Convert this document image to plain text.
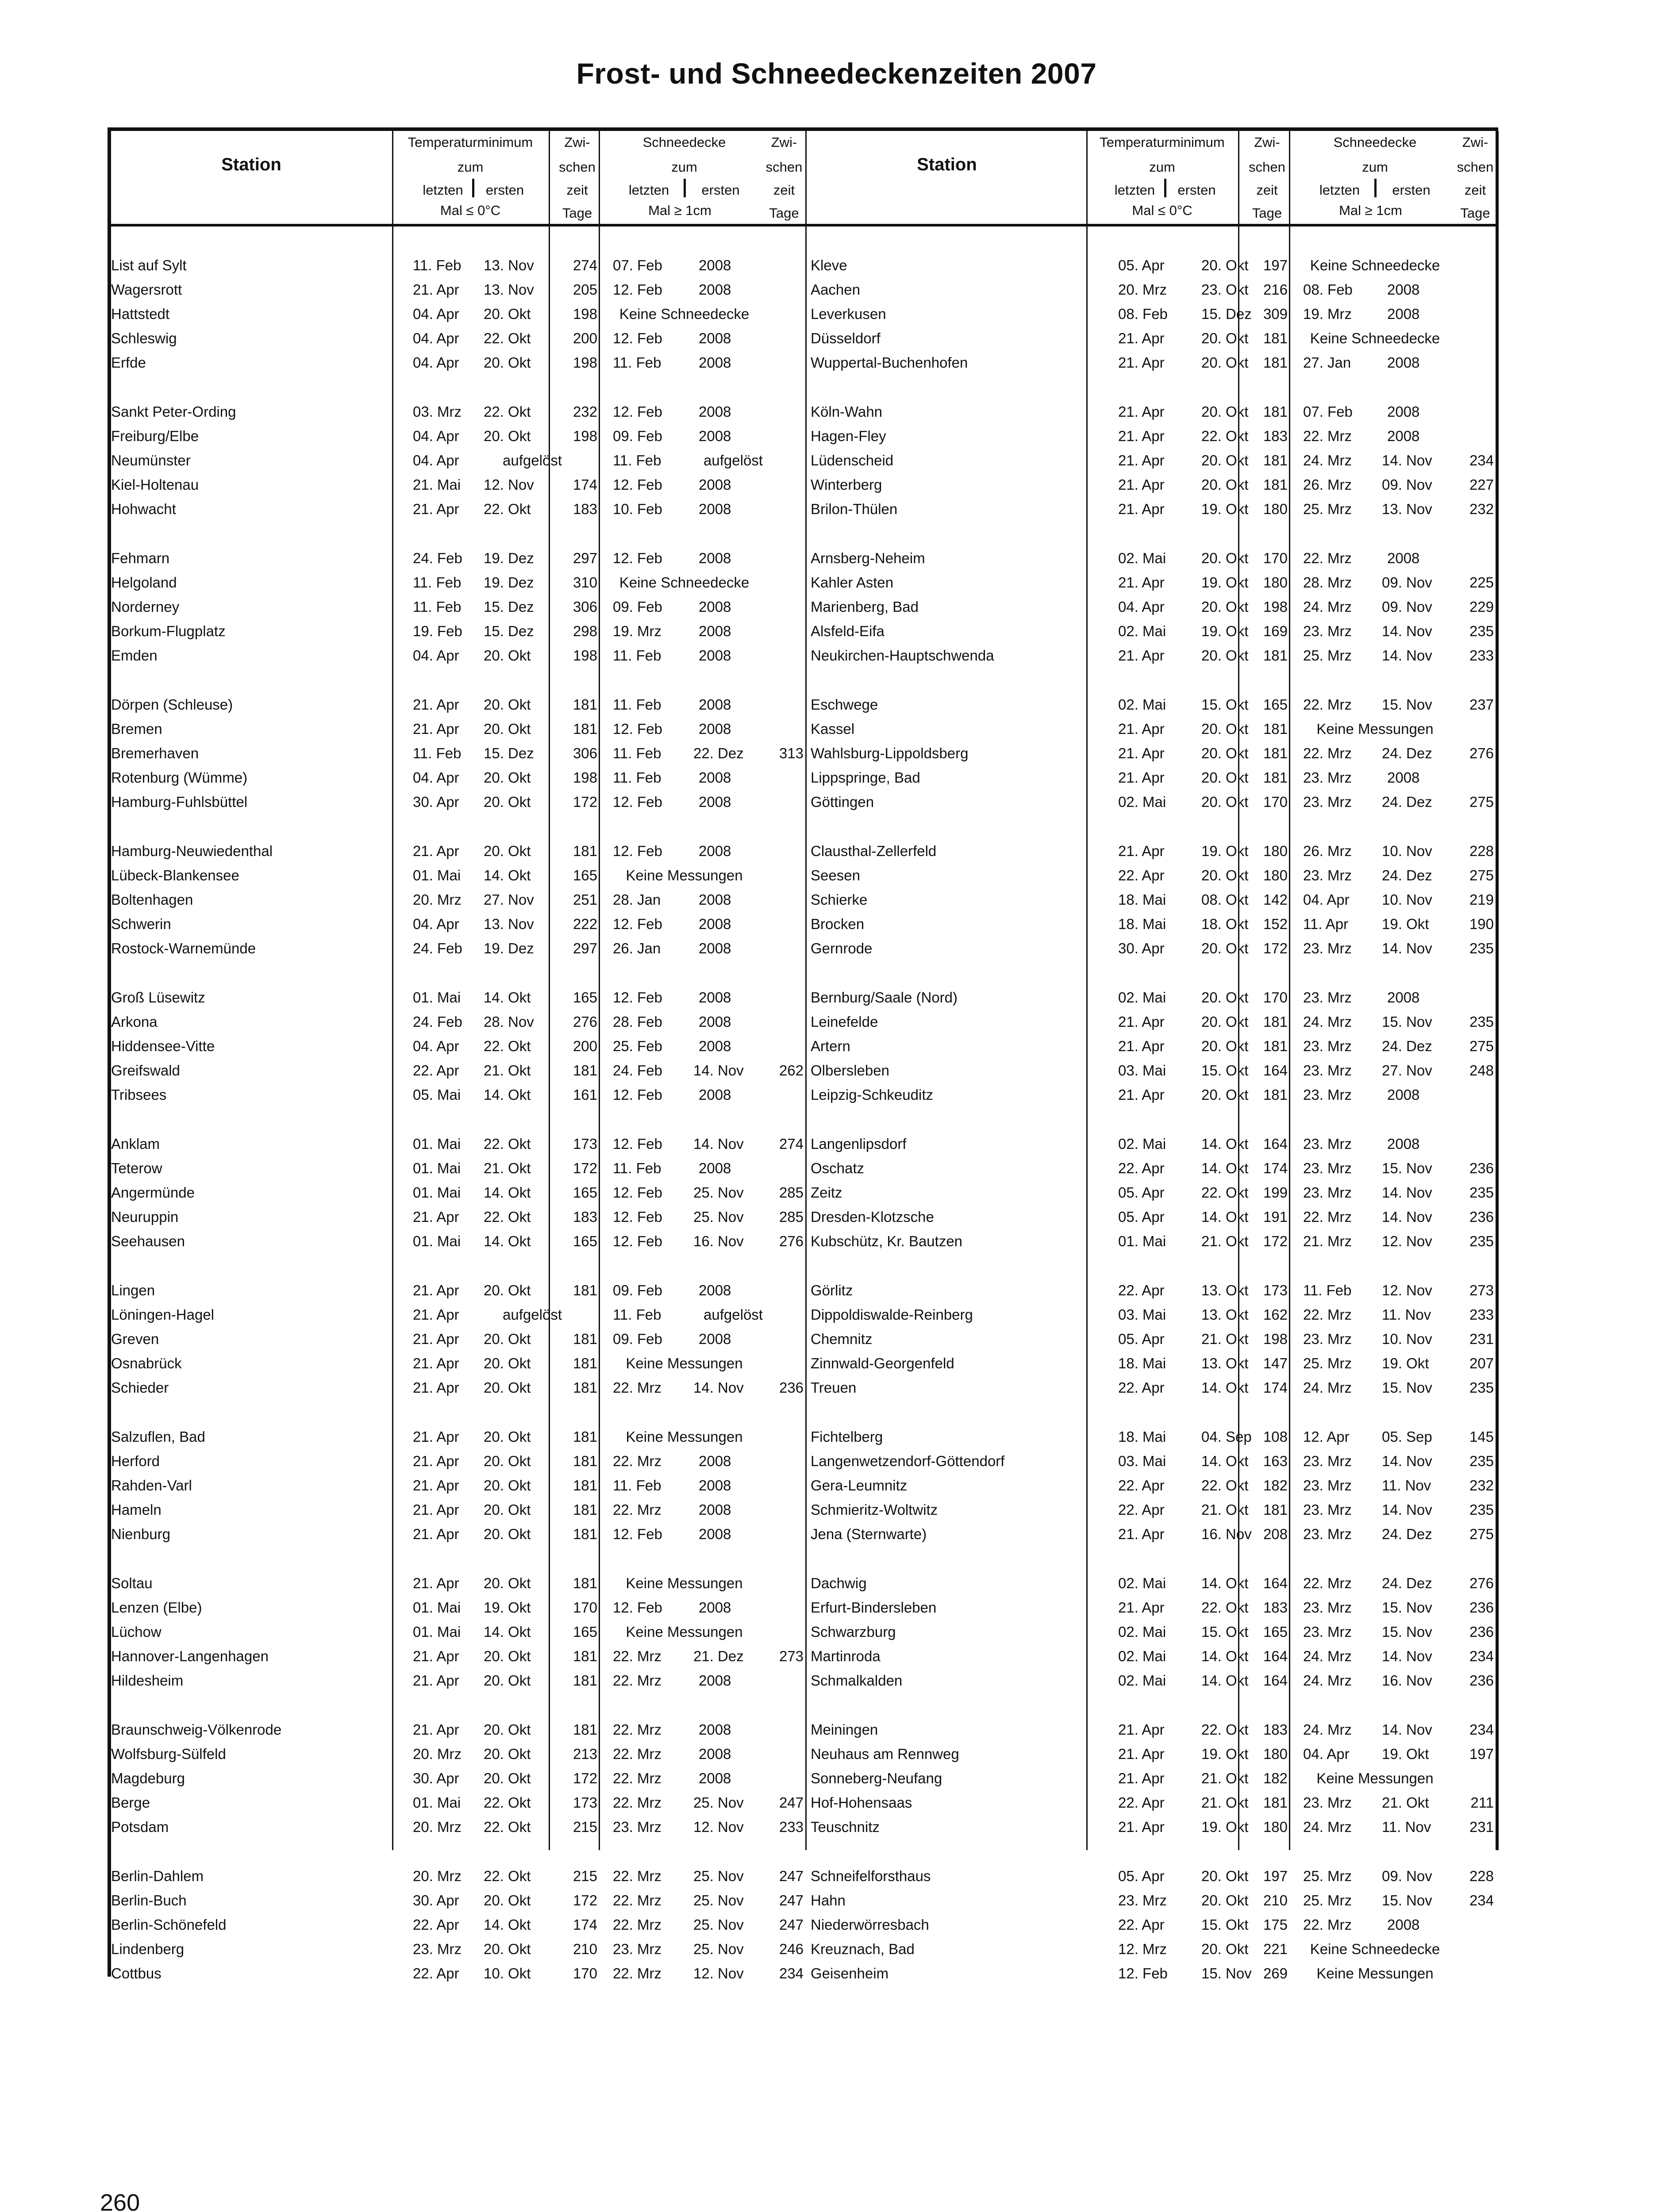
Frost- und Schneedeckenzeiten 2007
Station
Temperaturminimum
zum
letzten	ersten
Mal ≤ 0°C
Zwi-
schen
zeit
Tage
Schneedecke
zum
letzten	ersten
Mal ≥ 1cm
Zwi-
schen
zeit
Tage
Station
Temperaturminimum
zum
letzten	ersten
Mal ≤ 0°C
Zwi-
schen
zeit
Tage
Schneedecke
zum
letzten	ersten
Mal ≥ 1cm
Zwi-
schen
zeit
Tage
List auf Sylt	11. Feb 13. Nov	274 07. Feb 2008
Wagersrott	21. Apr 13. Nov	205 12. Feb 2008
Hattstedt	04. Apr 20. Okt	198	Keine Schneedecke
Schleswig	04. Apr 22. Okt	200 12. Feb 2008
Erfde	04. Apr 20. Okt	198 11. Feb	2008
Sankt Peter-Ording	03. Mrz 22. Okt	232 12. Feb 2008
Freiburg/Elbe	04. Apr 20. Okt	198 09. Feb 2008
Neumünster	04. Apr	aufgelöst	11. Feb	aufgelöst
Kiel-Holtenau	21. Mai 12. Nov	174 12. Feb 2008
Hohwacht	21. Apr 22. Okt	183 10. Feb 2008
Fehmarn	24. Feb 19. Dez	297 12. Feb 2008
Helgoland	11. Feb 19. Dez	310	Keine Schneedecke
Norderney	11. Feb 15. Dez	306 09. Feb 2008
Borkum-Flugplatz	19. Feb 15. Dez	298 19. Mrz	2008
Emden	04. Apr 20. Okt	198 11. Feb	2008
Dörpen (Schleuse)	21. Apr 20. Okt	181 11. Feb	2008
Bremen	21. Apr 20. Okt	181 12. Feb 2008
Bremerhaven	11. Feb 15. Dez	306 11. Feb 22. Dez	313
Rotenburg (Wümme)	04. Apr 20. Okt	198 11. Feb	2008
Hamburg-Fuhlsbüttel	30. Apr 20. Okt	172 12. Feb 2008
Hamburg-Neuwiedenthal	21. Apr 20. Okt	181 12. Feb 2008
Lübeck-Blankensee	01. Mai 14. Okt	165	Keine Messungen
Boltenhagen	20. Mrz 27. Nov	251 28. Jan	2008
Schwerin	04. Apr 13. Nov	222 12. Feb 2008
Rostock-Warnemünde	24. Feb 19. Dez	297 26. Jan	2008
Groß Lüsewitz	01. Mai 14. Okt	165 12. Feb 2008
Arkona	24. Feb 28. Nov	276 28. Feb 2008
Hiddensee-Vitte	04. Apr 22. Okt	200 25. Feb 2008
Greifswald	22. Apr 21. Okt	181 24. Feb 14. Nov	262
Tribsees	05. Mai 14. Okt	161 12. Feb 2008
Anklam	01. Mai 22. Okt	173 12. Feb 14. Nov	274
Teterow	01. Mai 21. Okt	172 11. Feb	2008
Angermünde	01. Mai 14. Okt	165 12. Feb 25. Nov	285
Neuruppin	21. Apr 22. Okt	183 12. Feb 25. Nov	285
Seehausen	01. Mai 14. Okt	165 12. Feb 16. Nov	276
Lingen	21. Apr 20. Okt	181 09. Feb 2008
Löningen-Hagel	21. Apr	aufgelöst	11. Feb	aufgelöst
Greven	21. Apr 20. Okt	181 09. Feb 2008
Osnabrück	21. Apr 20. Okt	181	Keine Messungen
Schieder	21. Apr 20. Okt	181 22. Mrz 14. Nov	236
Salzuflen, Bad	21. Apr 20. Okt	181	Keine Messungen
Herford	21. Apr 20. Okt	181 22. Mrz	2008
Rahden-Varl	21. Apr 20. Okt	181 11. Feb	2008
Hameln	21. Apr 20. Okt	181 22. Mrz	2008
Nienburg	21. Apr 20. Okt	181 12. Feb 2008
Soltau	21. Apr 20. Okt	181	Keine Messungen
Lenzen (Elbe)	01. Mai 19. Okt	170 12. Feb 2008
Lüchow	01. Mai 14. Okt	165	Keine Messungen
Hannover-Langenhagen	21. Apr 20. Okt	181 22. Mrz 21. Dez	273
Hildesheim	21. Apr 20. Okt	181 22. Mrz	2008
Braunschweig-Völkenrode	21. Apr 20. Okt	181 22. Mrz	2008
Wolfsburg-Sülfeld	20. Mrz 20. Okt	213 22. Mrz	2008
Magdeburg	30. Apr 20. Okt	172 22. Mrz	2008
Berge	01. Mai 22. Okt	173 22. Mrz 25. Nov	247
Potsdam	20. Mrz 22. Okt	215 23. Mrz 12. Nov	233
Berlin-Dahlem	20. Mrz 22. Okt	215 22. Mrz 25. Nov	247
Berlin-Buch	30. Apr 20. Okt	172 22. Mrz 25. Nov	247
Berlin-Schönefeld	22. Apr 14. Okt	174 22. Mrz 25. Nov	247
Lindenberg	23. Mrz 20. Okt	210 23. Mrz 25. Nov	246
Cottbus	22. Apr 10. Okt	170 22. Mrz 12. Nov	234
Kleve	05. Apr	20. Okt	197	Keine Schneedecke
Aachen	20. Mrz 23. Okt	216 08. Feb 2008
Leverkusen	08. Feb 15. Dez 309 19. Mrz 2008
Düsseldorf	21. Apr	20. Okt	181	Keine Schneedecke
Wuppertal-Buchenhofen	21. Apr	20. Okt	181 27. Jan 2008
Köln-Wahn	21. Apr	20. Okt	181 07. Feb 2008
Hagen-Fley	21. Apr	22. Okt	183 22. Mrz 2008
Lüdenscheid	21. Apr	20. Okt	181 24. Mrz 14. Nov	234
Winterberg	21. Apr	20. Okt	181 26. Mrz 09. Nov	227
Brilon-Thülen	21. Apr	19. Okt	180 25. Mrz 13. Nov	232
Arnsberg-Neheim	02. Mai 20. Okt	170 22. Mrz 2008
Kahler Asten	21. Apr	19. Okt	180 28. Mrz 09. Nov	225
Marienberg, Bad	04. Apr	20. Okt	198 24. Mrz 09. Nov	229
Alsfeld-Eifa	02. Mai 19. Okt	169 23. Mrz 14. Nov	235
Neukirchen-Hauptschwenda	21. Apr	20. Okt	181 25. Mrz 14. Nov	233
Eschwege	02. Mai 15. Okt	165 22. Mrz 15. Nov	237
Kassel	21. Apr	20. Okt	181	Keine Messungen
Wahlsburg-Lippoldsberg	21. Apr	20. Okt	181 22. Mrz 24. Dez	276
Lippspringe, Bad	21. Apr	20. Okt	181 23. Mrz 2008
Göttingen	02. Mai 20. Okt	170 23. Mrz 24. Dez	275
Clausthal-Zellerfeld	21. Apr	19. Okt	180 26. Mrz 10. Nov	228
Seesen	22. Apr	20. Okt	180 23. Mrz 24. Dez	275
Schierke	18. Mai 08. Okt	142 04. Apr 10. Nov	219
Brocken	18. Mai 18. Okt	152 11. Apr 19. Okt	190
Gernrode	30. Apr	20. Okt	172 23. Mrz 14. Nov	235
Bernburg/Saale (Nord)	02. Mai 20. Okt	170 23. Mrz 2008
Leinefelde	21. Apr	20. Okt	181 24. Mrz 15. Nov	235
Artern	21. Apr	20. Okt	181 23. Mrz 24. Dez	275
Olbersleben	03. Mai 15. Okt	164 23. Mrz 27. Nov	248
Leipzig-Schkeuditz	21. Apr	20. Okt	181 23. Mrz 2008
Langenlipsdorf	02. Mai 14. Okt	164 23. Mrz 2008
Oschatz	22. Apr	14. Okt	174 23. Mrz 15. Nov	236
Zeitz	05. Apr	22. Okt	199 23. Mrz 14. Nov	235
Dresden-Klotzsche	05. Apr	14. Okt	191 22. Mrz 14. Nov	236
Kubschütz, Kr. Bautzen	01. Mai 21. Okt	172 21. Mrz 12. Nov	235
Görlitz	22. Apr	13. Okt	173 11. Feb 12. Nov	273
Dippoldiswalde-Reinberg	03. Mai 13. Okt	162 22. Mrz 11. Nov	233
Chemnitz	05. Apr	21. Okt	198 23. Mrz 10. Nov	231
Zinnwald-Georgenfeld	18. Mai 13. Okt	147 25. Mrz 19. Okt	207
Treuen	22. Apr	14. Okt	174 24. Mrz 15. Nov	235
Fichtelberg	18. Mai 04. Sep 108 12. Apr 05. Sep	145
Langenwetzendorf-Göttendorf	03. Mai 14. Okt	163 23. Mrz 14. Nov	235
Gera-Leumnitz	22. Apr	22. Okt	182 23. Mrz 11. Nov	232
Schmieritz-Woltwitz	22. Apr	21. Okt	181 23. Mrz 14. Nov	235
Jena (Sternwarte)	21. Apr	16. Nov 208 23. Mrz 24. Dez	275
Dachwig	02. Mai 14. Okt	164 22. Mrz 24. Dez	276
Erfurt-Bindersleben	21. Apr	22. Okt	183 23. Mrz 15. Nov	236
Schwarzburg	02. Mai 15. Okt	165 23. Mrz 15. Nov	236
Martinroda	02. Mai 14. Okt	164 24. Mrz 14. Nov	234
Schmalkalden	02. Mai 14. Okt	164 24. Mrz 16. Nov	236
Meiningen	21. Apr	22. Okt	183 24. Mrz 14. Nov	234
Neuhaus am Rennweg	21. Apr	19. Okt	180 04. Apr 19. Okt	197
Sonneberg-Neufang	21. Apr	21. Okt	182	Keine Messungen
Hof-Hohensaas	22. Apr	21. Okt	181 23. Mrz 21. Okt	211
Teuschnitz	21. Apr	19. Okt	180 24. Mrz 11. Nov	231
Schneifelforsthaus	05. Apr	20. Okt	197 25. Mrz 09. Nov	228
Hahn	23. Mrz 20. Okt	210 25. Mrz 15. Nov	234
Niederwörresbach	22. Apr	15. Okt	175 22. Mrz 2008
Kreuznach, Bad	12. Mrz 20. Okt	221	Keine Schneedecke
Geisenheim	12. Feb 15. Nov 269	Keine Messungen
260
